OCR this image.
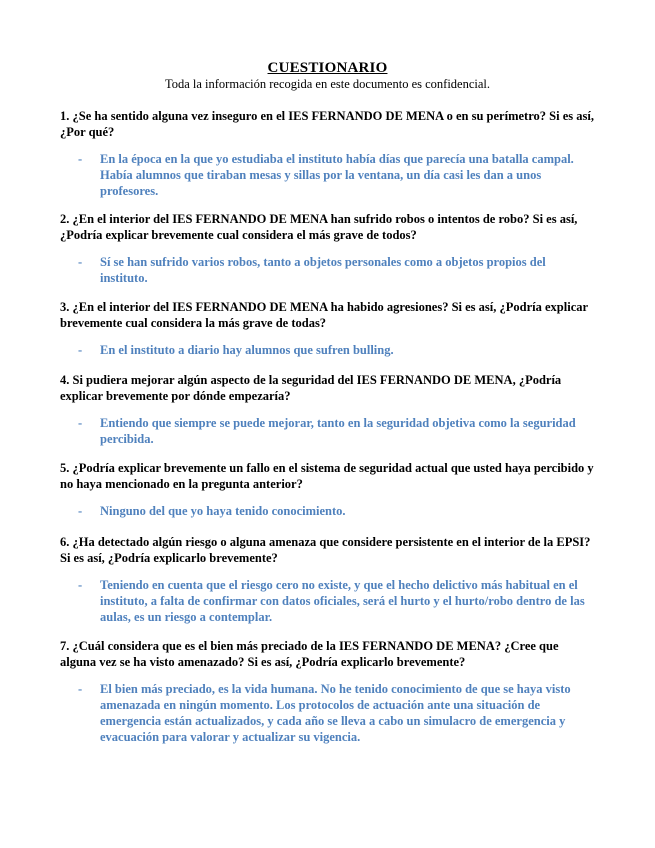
CUESTIONARIO
Toda la información recogida en este documento es confidencial.

1. ¿Se ha sentido alguna vez inseguro en el IES FERNANDO DE MENA o en su perímetro? Si es así, ¿Por qué?

- En la época en la que yo estudiaba el instituto había días que parecía una batalla campal. Había alumnos que tiraban mesas y sillas por la ventana, un día casi les dan a unos profesores.

2. ¿En el interior del IES FERNANDO DE MENA han sufrido robos o intentos de robo? Si es así, ¿Podría explicar brevemente cual considera el más grave de todos?

- Sí se han sufrido varios robos, tanto a objetos personales como a objetos propios del instituto.

3. ¿En el interior del IES FERNANDO DE MENA ha habido agresiones? Si es así, ¿Podría explicar brevemente cual considera la más grave de todas?

- En el instituto a diario hay alumnos que sufren bulling.

4. Si pudiera mejorar algún aspecto de la seguridad del IES FERNANDO DE MENA, ¿Podría explicar brevemente por dónde empezaría?

- Entiendo que siempre se puede mejorar, tanto en la seguridad objetiva como la seguridad percibida.

5. ¿Podría explicar brevemente un fallo en el sistema de seguridad actual que usted haya percibido y no haya mencionado en la pregunta anterior?

- Ninguno del que yo haya tenido conocimiento.

6. ¿Ha detectado algún riesgo o alguna amenaza que considere persistente en el interior de la EPSI? Si es así, ¿Podría explicarlo brevemente?

- Teniendo en cuenta que el riesgo cero no existe, y que el hecho delictivo más habitual en el instituto, a falta de confirmar con datos oficiales, será el hurto y el hurto/robo dentro de las aulas, es un riesgo a contemplar.

7. ¿Cuál considera que es el bien más preciado de la IES FERNANDO DE MENA? ¿Cree que alguna vez se ha visto amenazado? Si es así, ¿Podría explicarlo brevemente?

- El bien más preciado, es la vida humana. No he tenido conocimiento de que se haya visto amenazada en ningún momento. Los protocolos de actuación ante una situación de emergencia están actualizados, y cada año se lleva a cabo un simulacro de emergencia y evacuación para valorar y actualizar su vigencia.
